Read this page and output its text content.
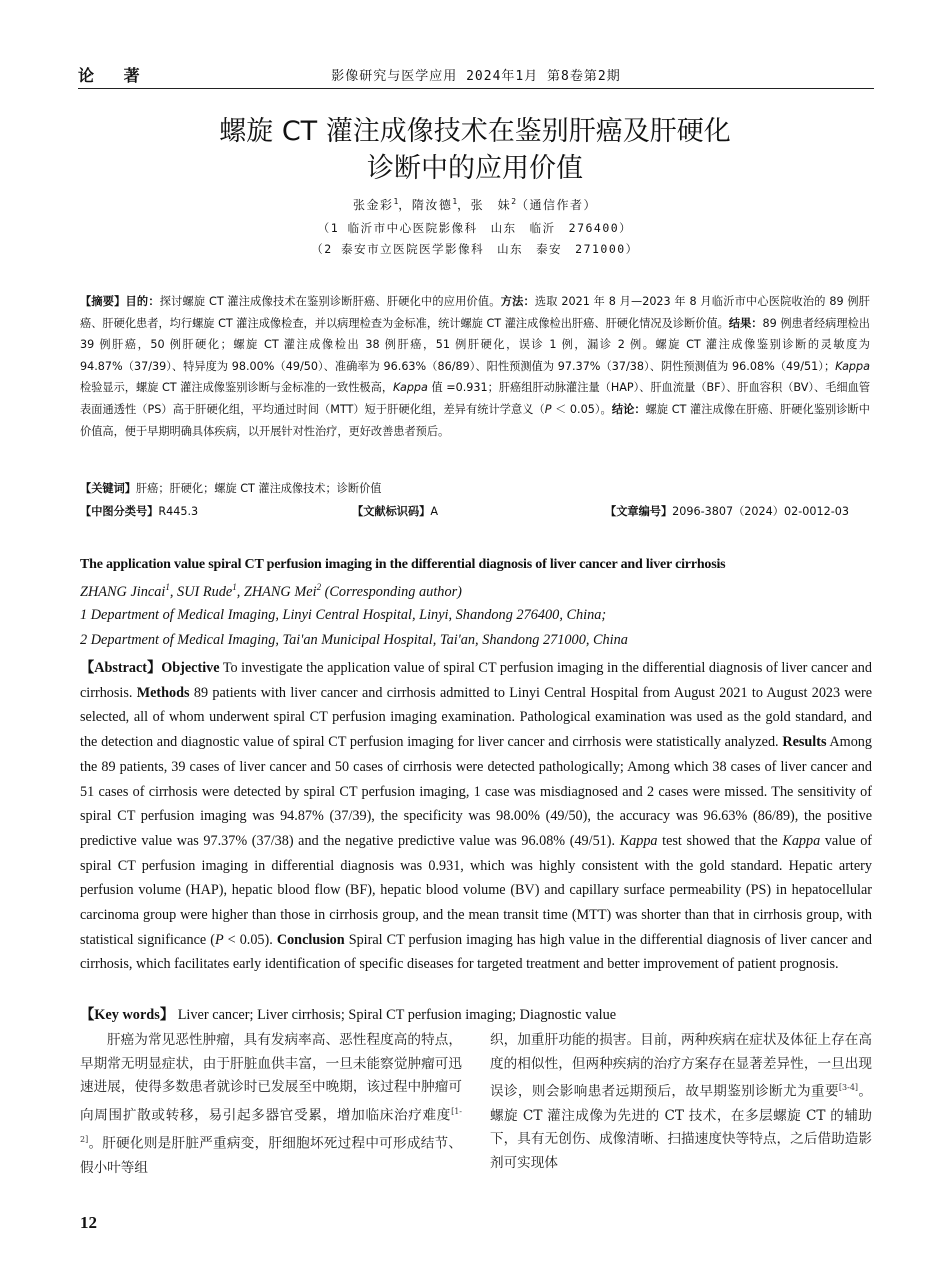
论 著	影像研究与医学应用 2024年1月 第8卷第2期
螺旋 CT 灌注成像技术在鉴别肝癌及肝硬化
诊断中的应用价值
张金彩$^1$，隋汝德$^1$，张　妹$^2$（通信作者）
（1 临沂市中心医院影像科　山东　临沂　276400）
（2 泰安市立医院医学影像科　山东　泰安　271000）
【摘要】目的：探讨螺旋 CT 灌注成像技术在鉴别诊断肝癌、肝硬化中的应用价值。方法：选取 2021 年 8 月—2023 年 8 月临沂市中心医院收治的 89 例肝癌、肝硬化患者，均行螺旋 CT 灌注成像检查，并以病理检查为金标准，统计螺旋 CT 灌注成像检出肝癌、肝硬化情况及诊断价值。结果：89 例患者经病理检出 39 例肝癌，50 例肝硬化；螺旋 CT 灌注成像检出 38 例肝癌，51 例肝硬化，误诊 1 例，漏诊 2 例。螺旋 CT 灌注成像鉴别诊断的灵敏度为 94.87%（37/39）、特异度为 98.00%（49/50）、准确率为 96.63%（86/89）、阳性预测值为 97.37%（37/38）、阴性预测值为 96.08%（49/51）；Kappa 检验显示，螺旋 CT 灌注成像鉴别诊断与金标准的一致性极高，Kappa 值 =0.931；肝癌组肝动脉灌注量（HAP）、肝血流量（BF）、肝血容积（BV）、毛细血管表面通透性（PS）高于肝硬化组，平均通过时间（MTT）短于肝硬化组，差异有统计学意义（P ＜ 0.05）。结论：螺旋 CT 灌注成像在肝癌、肝硬化鉴别诊断中价值高，便于早期明确具体疾病，以开展针对性治疗，更好改善患者预后。
【关键词】肝癌；肝硬化；螺旋 CT 灌注成像技术；诊断价值
【中图分类号】R445.3	【文献标识码】A	【文章编号】2096-3807（2024）02-0012-03
The application value spiral CT perfusion imaging in the differential diagnosis of liver cancer and liver cirrhosis
ZHANG Jincai$^1$, SUI Rude$^1$, ZHANG Mei$^2$ (Corresponding author)
1 Department of Medical Imaging, Linyi Central Hospital, Linyi, Shandong 276400, China;
2 Department of Medical Imaging, Tai'an Municipal Hospital, Tai'an, Shandong 271000, China
【Abstract】Objective To investigate the application value of spiral CT perfusion imaging in the differential diagnosis of liver cancer and cirrhosis. Methods 89 patients with liver cancer and cirrhosis admitted to Linyi Central Hospital from August 2021 to August 2023 were selected, all of whom underwent spiral CT perfusion imaging examination. Pathological examination was used as the gold standard, and the detection and diagnostic value of spiral CT perfusion imaging for liver cancer and cirrhosis were statistically analyzed. Results Among the 89 patients, 39 cases of liver cancer and 50 cases of cirrhosis were detected pathologically; Among which 38 cases of liver cancer and 51 cases of cirrhosis were detected by spiral CT perfusion imaging, 1 case was misdiagnosed and 2 cases were missed. The sensitivity of spiral CT perfusion imaging was 94.87% (37/39), the specificity was 98.00% (49/50), the accuracy was 96.63% (86/89), the positive predictive value was 97.37% (37/38) and the negative predictive value was 96.08% (49/51). Kappa test showed that the Kappa value of spiral CT perfusion imaging in differential diagnosis was 0.931, which was highly consistent with the gold standard. Hepatic artery perfusion volume (HAP), hepatic blood flow (BF), hepatic blood volume (BV) and capillary surface permeability (PS) in hepatocellular carcinoma group were higher than those in cirrhosis group, and the mean transit time (MTT) was shorter than that in cirrhosis group, with statistical significance (P < 0.05). Conclusion Spiral CT perfusion imaging has high value in the differential diagnosis of liver cancer and cirrhosis, which facilitates early identification of specific diseases for targeted treatment and better improvement of patient prognosis.
【Key words】 Liver cancer; Liver cirrhosis; Spiral CT perfusion imaging; Diagnostic value
肝癌为常见恶性肿瘤，具有发病率高、恶性程度高的特点，早期常无明显症状，由于肝脏血供丰富，一旦未能察觉肿瘤可迅速进展，使得多数患者就诊时已发展至中晚期，该过程中肿瘤可向周围扩散或转移，易引起多器官受累，增加临床治疗难度[1-2]。肝硬化则是肝脏严重病变，肝细胞坏死过程中可形成结节、假小叶等组
织，加重肝功能的损害。目前，两种疾病在症状及体征上存在高度的相似性，但两种疾病的治疗方案存在显著差异性，一旦出现误诊，则会影响患者远期预后，故早期鉴别诊断尤为重要[3-4]。螺旋 CT 灌注成像为先进的 CT 技术，在多层螺旋 CT 的辅助下，具有无创伤、成像清晰、扫描速度快等特点，之后借助造影剂可实现体
12
